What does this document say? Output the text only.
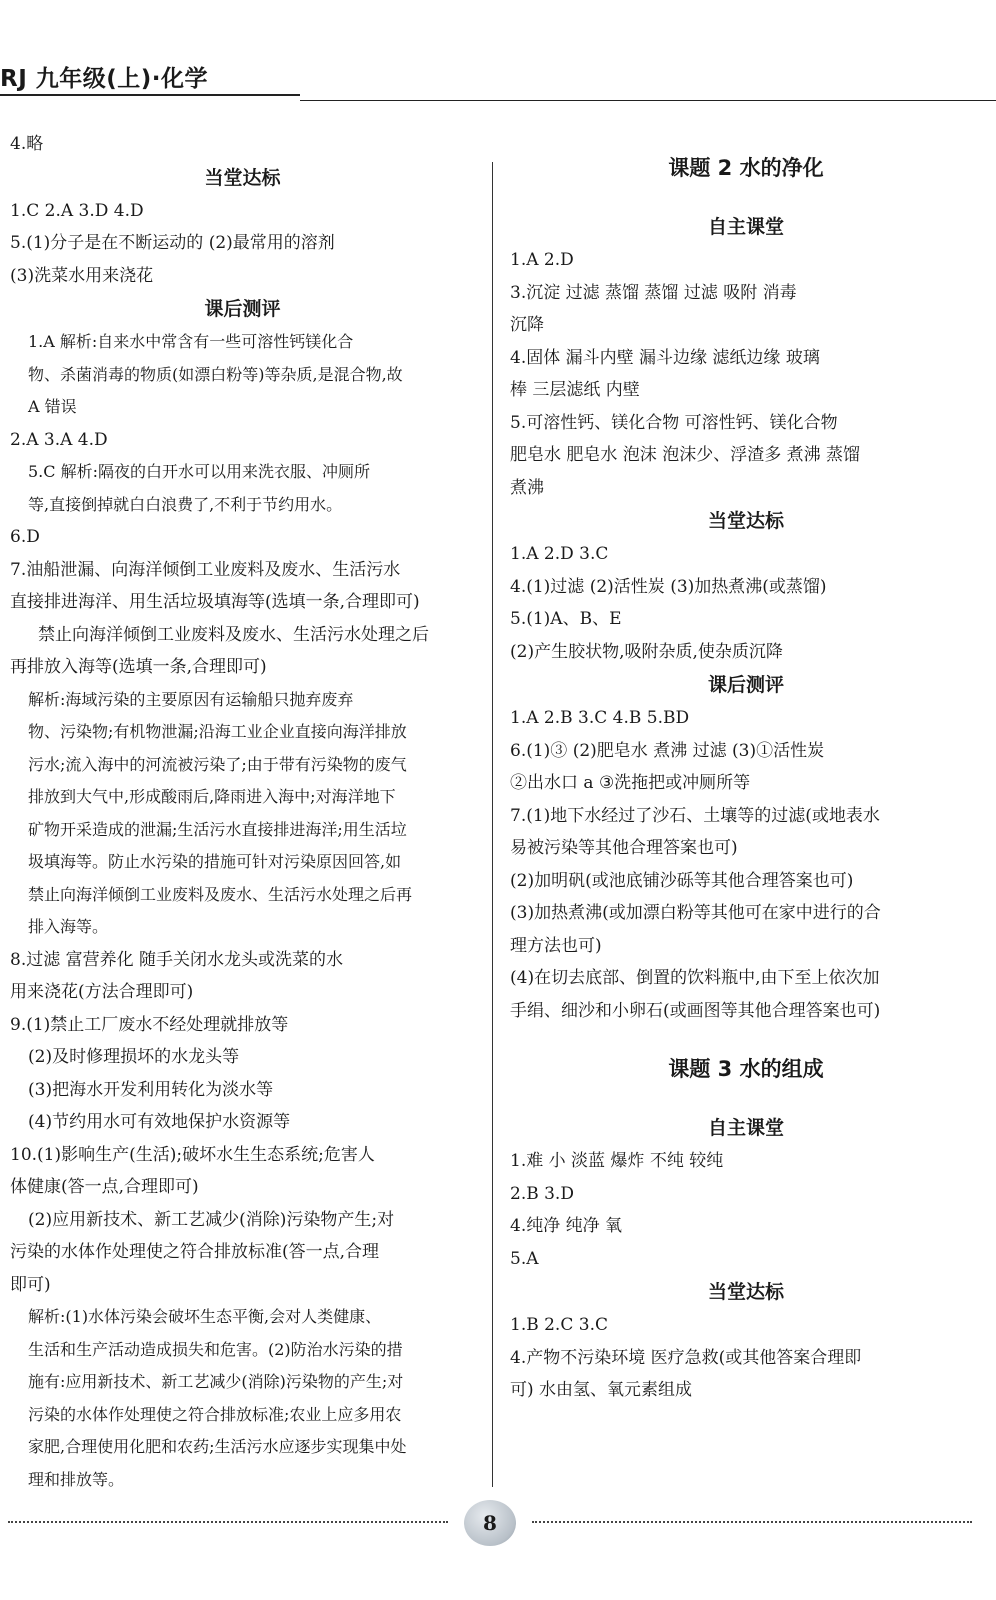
RJ 九年级(上)·化学
4.略
当堂达标
1.C 2.A 3.D 4.D
5.(1)分子是在不断运动的 (2)最常用的溶剂
(3)洗菜水用来浇花
课后测评
1.A 解析:自来水中常含有一些可溶性钙镁化合
物、杀菌消毒的物质(如漂白粉等)等杂质,是混合物,故
A 错误
2.A 3.A 4.D
5.C 解析:隔夜的白开水可以用来洗衣服、冲厕所
等,直接倒掉就白白浪费了,不利于节约用水。
6.D
7.油船泄漏、向海洋倾倒工业废料及废水、生活污水
直接排进海洋、用生活垃圾填海等(选填一条,合理即可)
禁止向海洋倾倒工业废料及废水、生活污水处理之后
再排放入海等(选填一条,合理即可)
解析:海域污染的主要原因有运输船只抛弃废弃
物、污染物;有机物泄漏;沿海工业企业直接向海洋排放
污水;流入海中的河流被污染了;由于带有污染物的废气
排放到大气中,形成酸雨后,降雨进入海中;对海洋地下
矿物开采造成的泄漏;生活污水直接排进海洋;用生活垃
圾填海等。防止水污染的措施可针对污染原因回答,如
禁止向海洋倾倒工业废料及废水、生活污水处理之后再
排入海等。
8.过滤 富营养化 随手关闭水龙头或洗菜的水
用来浇花(方法合理即可)
9.(1)禁止工厂废水不经处理就排放等
(2)及时修理损坏的水龙头等
(3)把海水开发利用转化为淡水等
(4)节约用水可有效地保护水资源等
10.(1)影响生产(生活);破坏水生生态系统;危害人
体健康(答一点,合理即可)
(2)应用新技术、新工艺减少(消除)污染物产生;对
污染的水体作处理使之符合排放标准(答一点,合理
即可)
解析:(1)水体污染会破坏生态平衡,会对人类健康、
生活和生产活动造成损失和危害。(2)防治水污染的措
施有:应用新技术、新工艺减少(消除)污染物的产生;对
污染的水体作处理使之符合排放标准;农业上应多用农
家肥,合理使用化肥和农药;生活污水应逐步实现集中处
理和排放等。
课题 2 水的净化
自主课堂
1.A 2.D
3.沉淀 过滤 蒸馏 蒸馏 过滤 吸附 消毒
沉降
4.固体 漏斗内壁 漏斗边缘 滤纸边缘 玻璃
棒 三层滤纸 内壁
5.可溶性钙、镁化合物 可溶性钙、镁化合物
肥皂水 肥皂水 泡沫 泡沫少、浮渣多 煮沸 蒸馏
煮沸
当堂达标
1.A 2.D 3.C
4.(1)过滤 (2)活性炭 (3)加热煮沸(或蒸馏)
5.(1)A、B、E
(2)产生胶状物,吸附杂质,使杂质沉降
课后测评
1.A 2.B 3.C 4.B 5.BD
6.(1)③ (2)肥皂水 煮沸 过滤 (3)①活性炭
②出水口 a ③洗拖把或冲厕所等
7.(1)地下水经过了沙石、土壤等的过滤(或地表水
易被污染等其他合理答案也可)
(2)加明矾(或池底铺沙砾等其他合理答案也可)
(3)加热煮沸(或加漂白粉等其他可在家中进行的合
理方法也可)
(4)在切去底部、倒置的饮料瓶中,由下至上依次加
手绢、细沙和小卵石(或画图等其他合理答案也可)
课题 3 水的组成
自主课堂
1.难 小 淡蓝 爆炸 不纯 较纯
2.B 3.D
4.纯净 纯净 氧
5.A
当堂达标
1.B 2.C 3.C
4.产物不污染环境 医疗急救(或其他答案合理即
可) 水由氢、氧元素组成
8
